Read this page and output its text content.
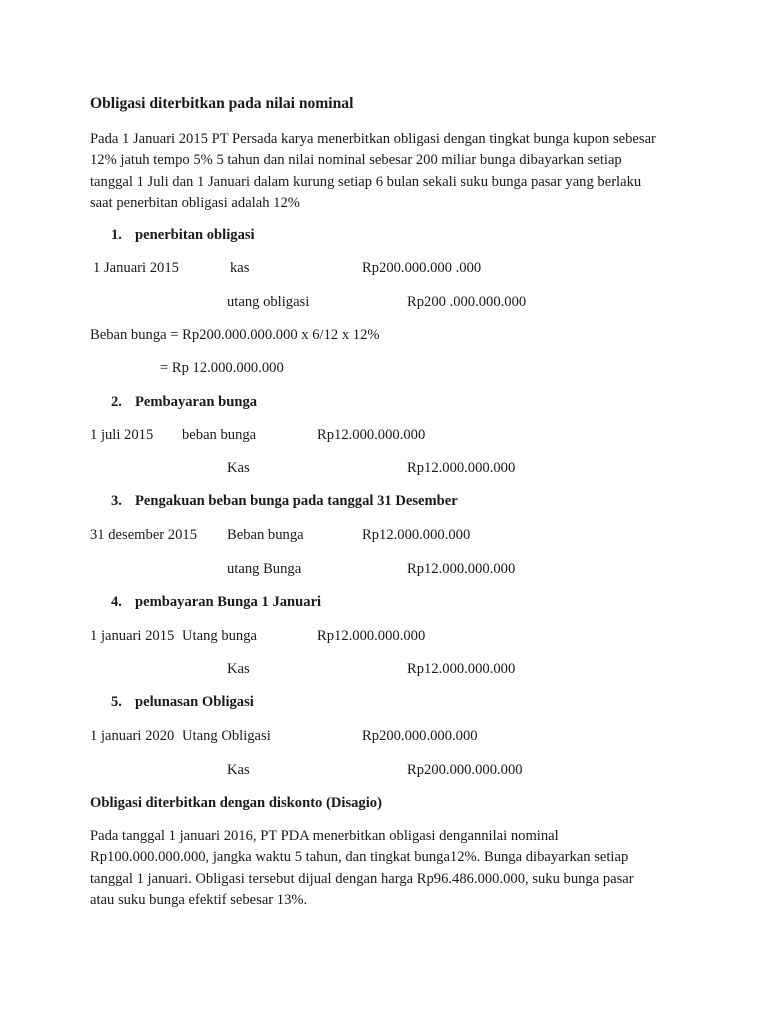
Obligasi diterbitkan pada nilai nominal
Pada 1 Januari 2015 PT Persada karya menerbitkan obligasi dengan tingkat bunga kupon sebesar
12% jatuh tempo 5% 5 tahun dan nilai nominal sebesar 200 miliar bunga dibayarkan setiap
tanggal 1 Juli dan 1 Januari dalam kurung setiap 6 bulan sekali suku bunga pasar yang berlaku
saat penerbitan obligasi adalah 12%
1. penerbitan obligasi
1 Januari 2015	kas	Rp200.000.000 .000
utang obligasi	Rp200 .000.000.000
Beban bunga = Rp200.000.000.000 x 6/12 x 12%
= Rp 12.000.000.000
2. Pembayaran bunga
1 juli 2015 beban bunga	Rp12.000.000.000
Kas	Rp12.000.000.000
3. Pengakuan beban bunga pada tanggal 31 Desember
31 desember 2015 Beban bunga	Rp12.000.000.000
utang Bunga	Rp12.000.000.000
4. pembayaran Bunga 1 Januari
1 januari 2015 Utang bunga	Rp12.000.000.000
Kas	Rp12.000.000.000
5. pelunasan Obligasi
1 januari 2020 Utang Obligasi	Rp200.000.000.000
Kas	Rp200.000.000.000
Obligasi diterbitkan dengan diskonto (Disagio)
Pada tanggal 1 januari 2016, PT PDA menerbitkan obligasi dengannilai nominal
Rp100.000.000.000, jangka waktu 5 tahun, dan tingkat bunga12%. Bunga dibayarkan setiap
tanggal 1 januari. Obligasi tersebut dijual dengan harga Rp96.486.000.000, suku bunga pasar
atau suku bunga efektif sebesar 13%.
